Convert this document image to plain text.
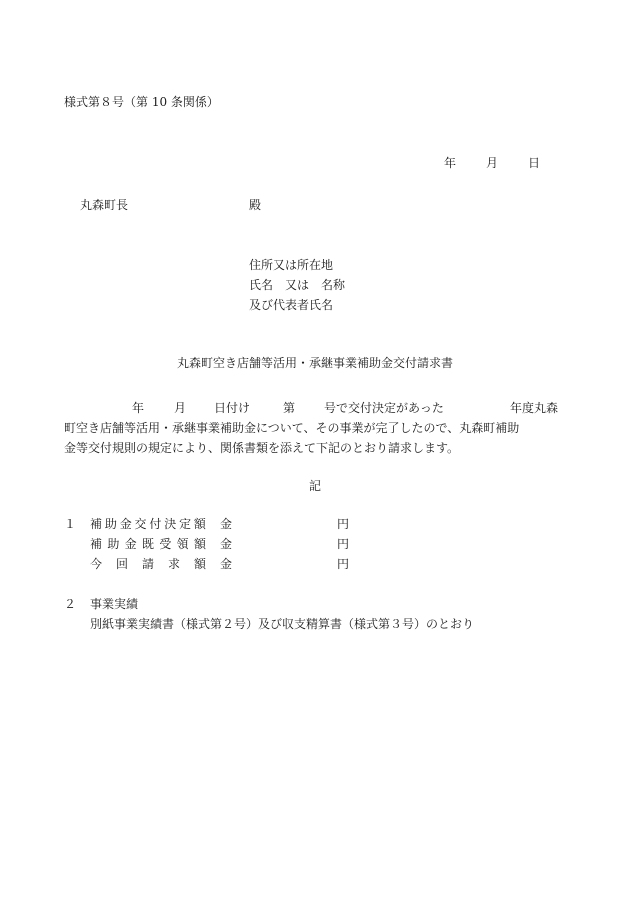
様式第８号（第 10 条関係）
年 月 日
丸森町長	殿
住所又は所在地
氏名　又は　名称
及び代表者氏名
丸森町空き店舗等活用・承継事業補助金交付請求書
年 月 日付け	第 号で交付決定があった	年度丸森
町空き店舗等活用・承継事業補助金について、その事業が完了したので、丸森町補助
金等交付規則の規定により、関係書類を添えて下記のとおり請求します。
記
１ 補 助 金 交 付 決 定 額 金	円
補 助 金 既 受 領 額 金	円
今 回 請 求 額 金	円
２ 事業実績
別紙事業実績書（様式第２号）及び収支精算書（様式第３号）のとおり
